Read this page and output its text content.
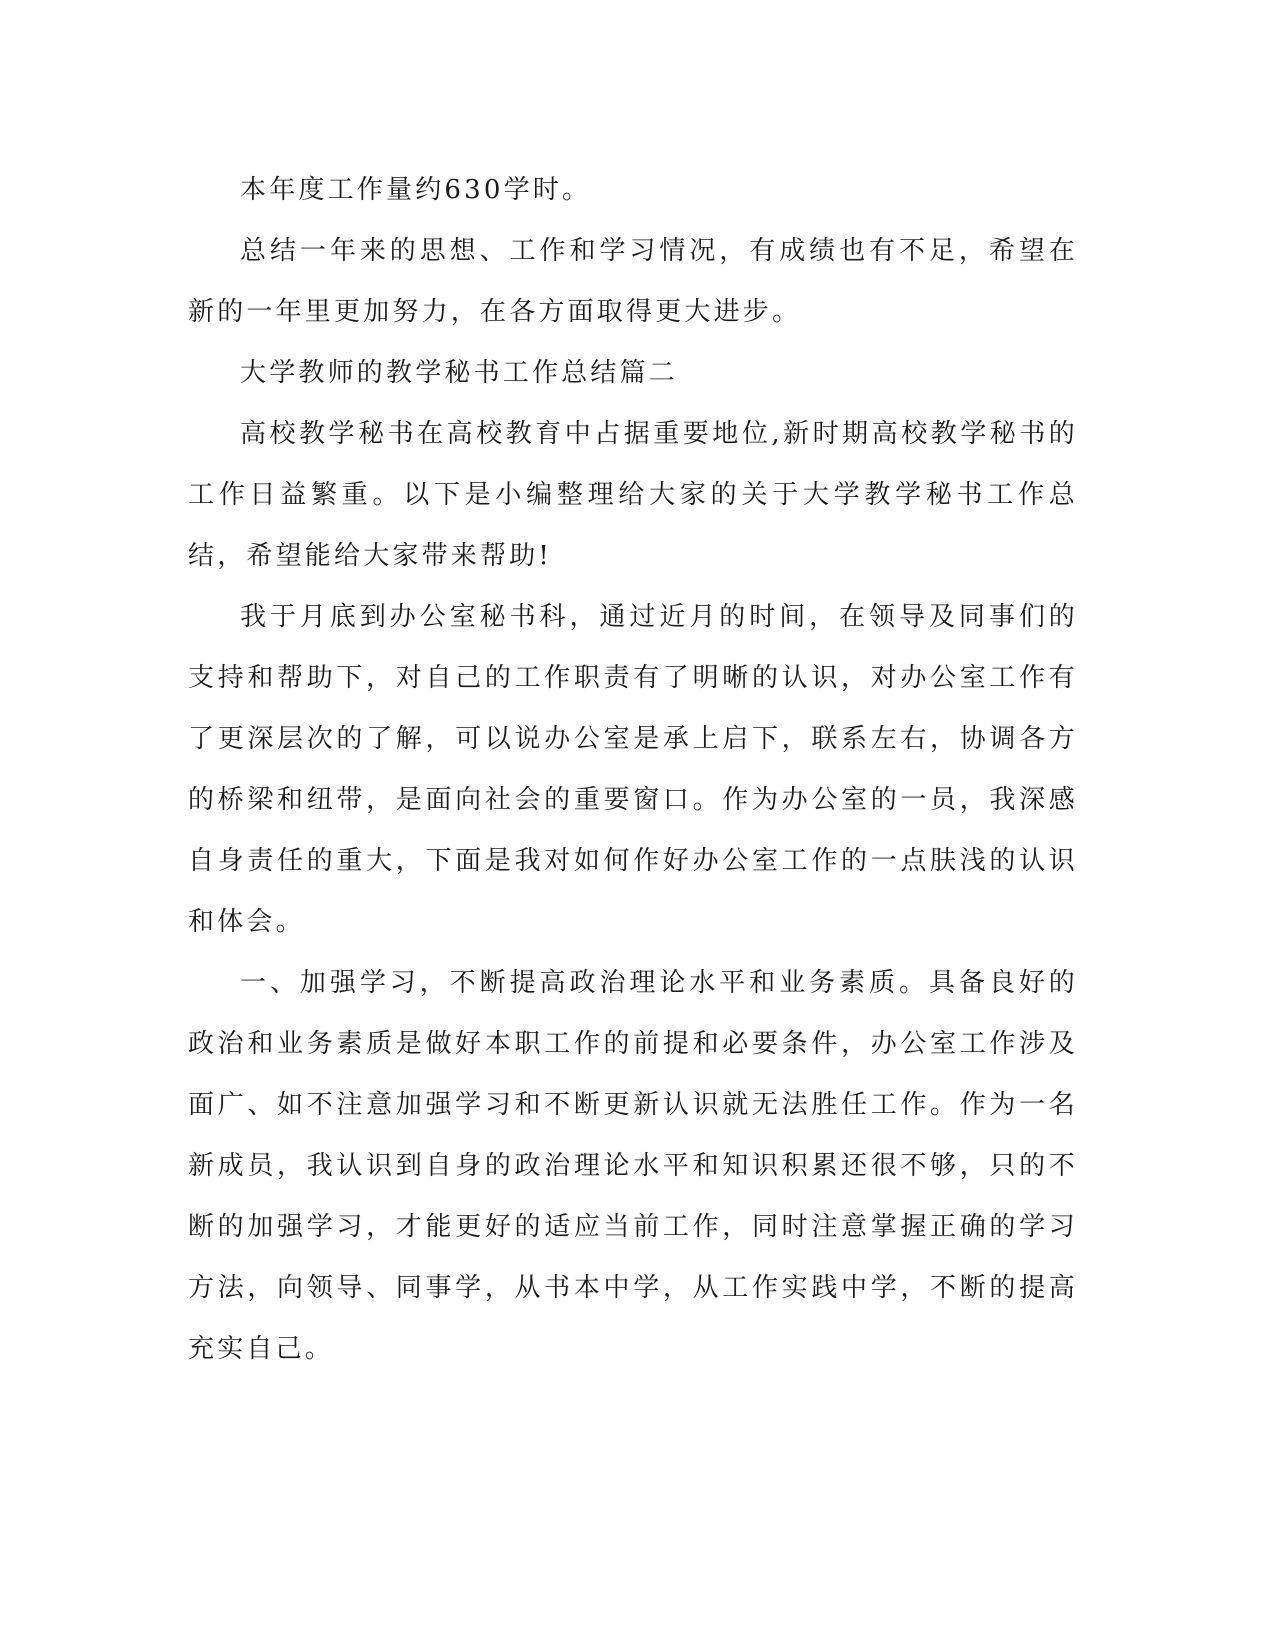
本年度工作量约630学时。

总结一年来的思想、工作和学习情况，有成绩也有不足，希望在新的一年里更加努力，在各方面取得更大进步。

大学教师的教学秘书工作总结篇二

高校教学秘书在高校教育中占据重要地位,新时期高校教学秘书的工作日益繁重。以下是小编整理给大家的关于大学教学秘书工作总结，希望能给大家带来帮助!

我于月底到办公室秘书科，通过近月的时间，在领导及同事们的支持和帮助下，对自己的工作职责有了明晰的认识，对办公室工作有了更深层次的了解，可以说办公室是承上启下，联系左右，协调各方的桥梁和纽带，是面向社会的重要窗口。作为办公室的一员，我深感自身责任的重大，下面是我对如何作好办公室工作的一点肤浅的认识和体会。

一、加强学习，不断提高政治理论水平和业务素质。具备良好的政治和业务素质是做好本职工作的前提和必要条件，办公室工作涉及面广、如不注意加强学习和不断更新认识就无法胜任工作。作为一名新成员，我认识到自身的政治理论水平和知识积累还很不够，只的不断的加强学习，才能更好的适应当前工作，同时注意掌握正确的学习方法，向领导、同事学，从书本中学，从工作实践中学，不断的提高充实自己。
